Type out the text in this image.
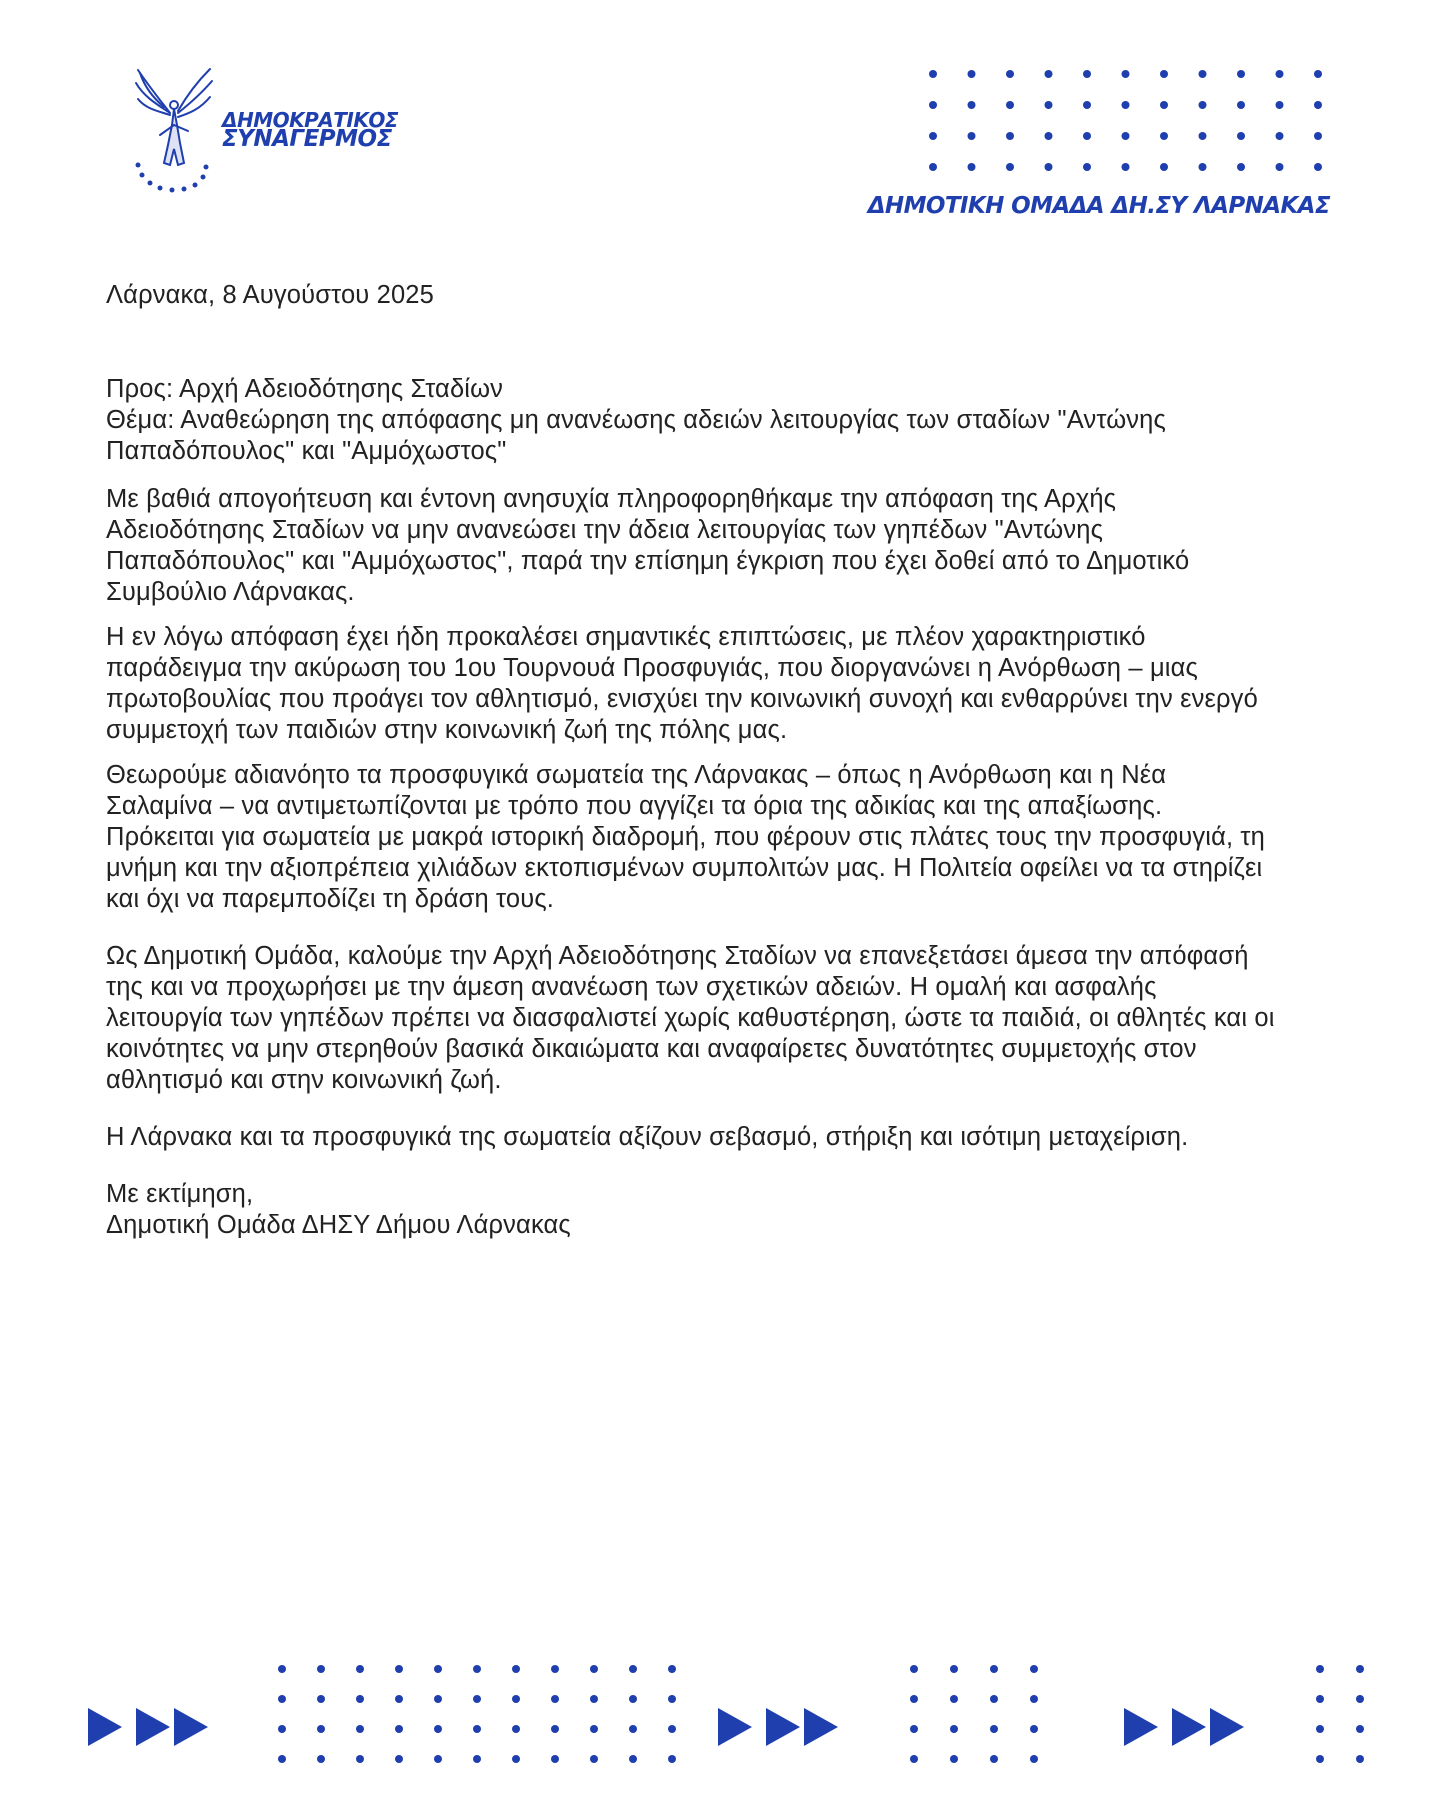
ΔΗΜΟΚΡΑΤΙΚΟΣ
ΣΥΝΑΓΕΡΜΟΣ
ΔΗΜΟΤΙΚΗ ΟΜΑΔΑ ΔΗ.ΣΥ ΛΑΡΝΑΚΑΣ

Λάρνακα, 8 Αυγούστου 2025

Προς: Αρχή Αδειοδότησης Σταδίων

Θέμα: Αναθεώρηση της απόφασης μη ανανέωσης αδειών λειτουργίας των σταδίων "Αντώνης
Παπαδόπουλος" και "Αμμόχωστος"

Με βαθιά απογοήτευση και έντονη ανησυχία πληροφορηθήκαμε την απόφαση της Αρχής
Αδειοδότησης Σταδίων να μην ανανεώσει την άδεια λειτουργίας των γηπέδων "Αντώνης
Παπαδόπουλος" και "Αμμόχωστος", παρά την επίσημη έγκριση που έχει δοθεί από το Δημοτικό
Συμβούλιο Λάρνακας.

Η εν λόγω απόφαση έχει ήδη προκαλέσει σημαντικές επιπτώσεις, με πλέον χαρακτηριστικό
παράδειγμα την ακύρωση του 1ου Τουρνουά Προσφυγιάς, που διοργανώνει η Ανόρθωση – μιας
πρωτοβουλίας που προάγει τον αθλητισμό, ενισχύει την κοινωνική συνοχή και ενθαρρύνει την ενεργό
συμμετοχή των παιδιών στην κοινωνική ζωή της πόλης μας.

Θεωρούμε αδιανόητο τα προσφυγικά σωματεία της Λάρνακας – όπως η Ανόρθωση και η Νέα
Σαλαμίνα – να αντιμετωπίζονται με τρόπο που αγγίζει τα όρια της αδικίας και της απαξίωσης.
Πρόκειται για σωματεία με μακρά ιστορική διαδρομή, που φέρουν στις πλάτες τους την προσφυγιά, τη
μνήμη και την αξιοπρέπεια χιλιάδων εκτοπισμένων συμπολιτών μας. Η Πολιτεία οφείλει να τα στηρίζει
και όχι να παρεμποδίζει τη δράση τους.

Ως Δημοτική Ομάδα, καλούμε την Αρχή Αδειοδότησης Σταδίων να επανεξετάσει άμεσα την απόφασή
της και να προχωρήσει με την άμεση ανανέωση των σχετικών αδειών. Η ομαλή και ασφαλής
λειτουργία των γηπέδων πρέπει να διασφαλιστεί χωρίς καθυστέρηση, ώστε τα παιδιά, οι αθλητές και οι
κοινότητες να μην στερηθούν βασικά δικαιώματα και αναφαίρετες δυνατότητες συμμετοχής στον
αθλητισμό και στην κοινωνική ζωή.

Η Λάρνακα και τα προσφυγικά της σωματεία αξίζουν σεβασμό, στήριξη και ισότιμη μεταχείριση.

Με εκτίμηση,

Δημοτική Ομάδα ΔΗΣΥ Δήμου Λάρνακας
